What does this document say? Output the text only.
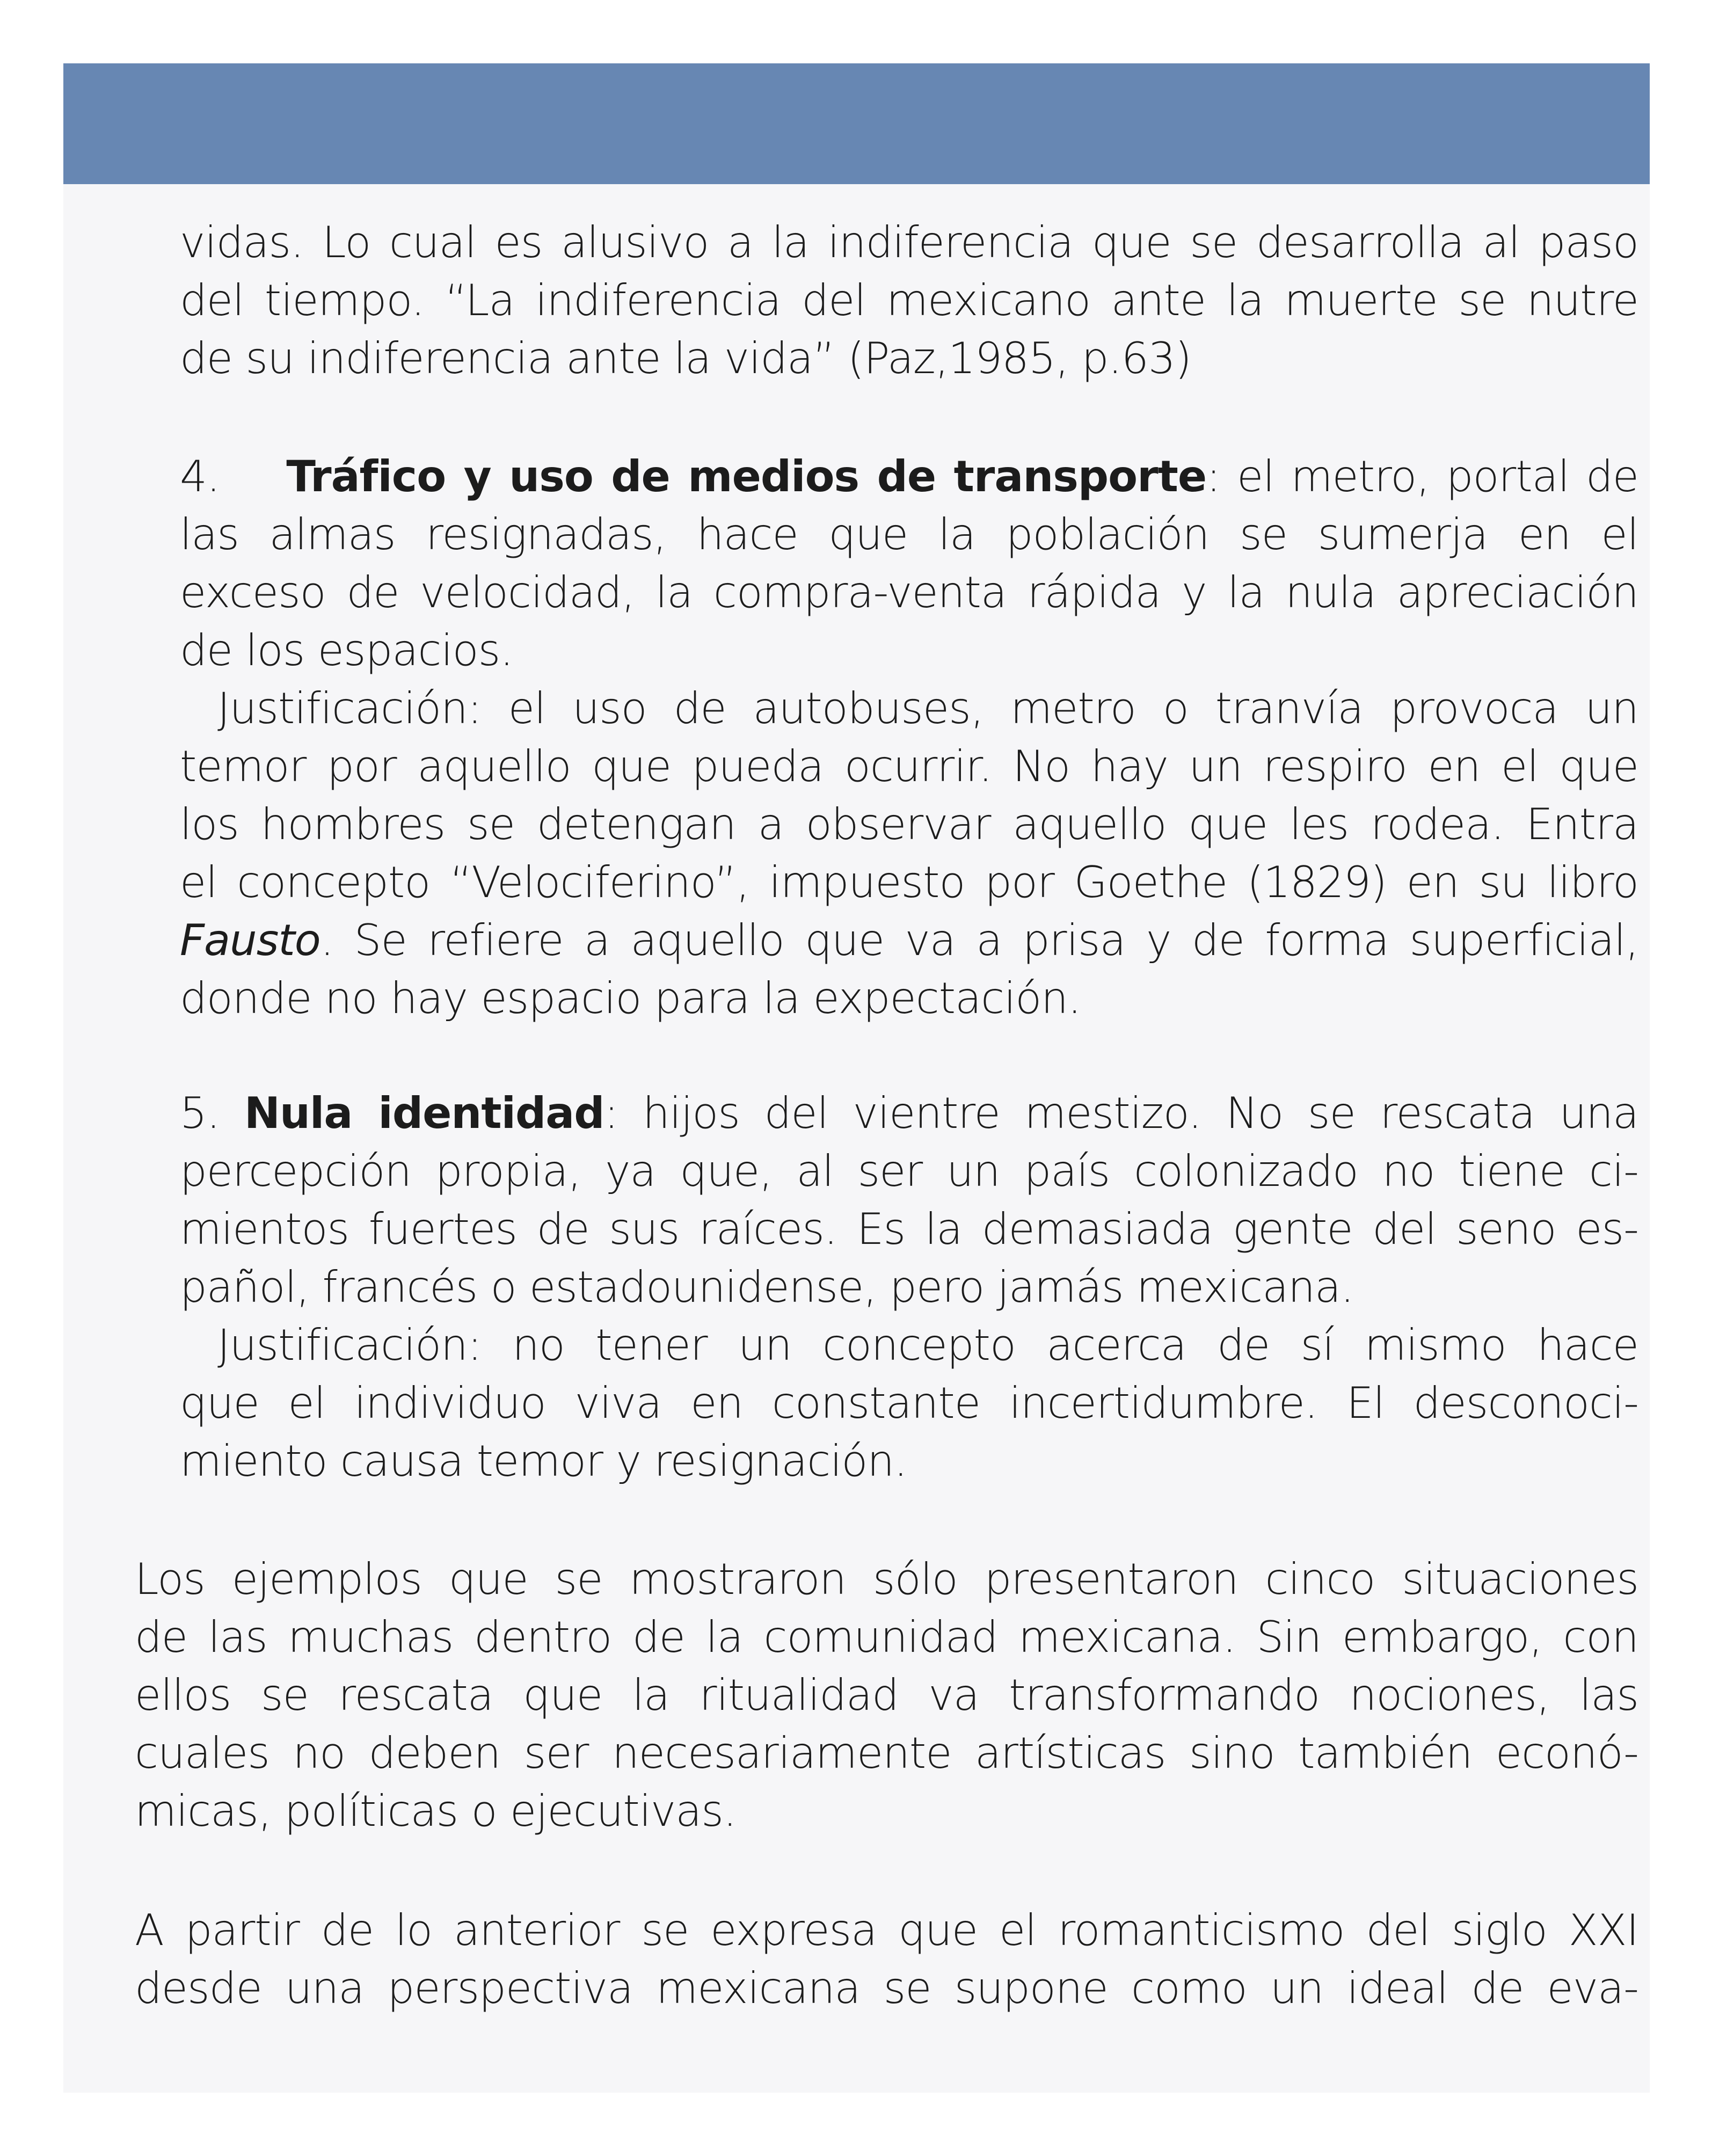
vidas. Lo cual es alusivo a la indiferencia que se desarrolla al paso
del tiempo. “La indiferencia del mexicano ante la muerte se nutre
de su indiferencia ante la vida” (Paz,1985, p.63)
4. Tráfico y uso de medios de transporte: el metro, portal de
las almas resignadas, hace que la población se sumerja en el
exceso de velocidad, la compra-venta rápida y la nula apreciación
de los espacios.
Justificación: el uso de autobuses, metro o tranvía provoca un
temor por aquello que pueda ocurrir. No hay un respiro en el que
los hombres se detengan a observar aquello que les rodea. Entra
el concepto “Velociferino”, impuesto por Goethe (1829) en su libro
Fausto. Se refiere a aquello que va a prisa y de forma superficial,
donde no hay espacio para la expectación.
5. Nula identidad: hijos del vientre mestizo. No se rescata una
percepción propia, ya que, al ser un país colonizado no tiene ci-
mientos fuertes de sus raíces. Es la demasiada gente del seno es-
pañol, francés o estadounidense, pero jamás mexicana.
Justificación: no tener un concepto acerca de sí mismo hace
que el individuo viva en constante incertidumbre. El desconoci-
miento causa temor y resignación.
Los ejemplos que se mostraron sólo presentaron cinco situaciones
de las muchas dentro de la comunidad mexicana. Sin embargo, con
ellos se rescata que la ritualidad va transformando nociones, las
cuales no deben ser necesariamente artísticas sino también econó-
micas, políticas o ejecutivas.
A partir de lo anterior se expresa que el romanticismo del siglo XXI
desde una perspectiva mexicana se supone como un ideal de eva-
